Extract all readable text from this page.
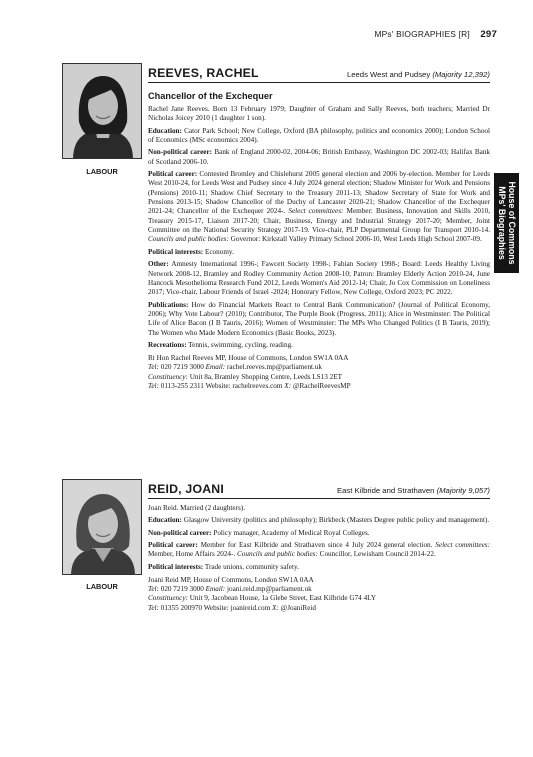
MPs' BIOGRAPHIES [R] 297
House of Commons
MPs' Biographies
LABOUR
REEVES, RACHEL	Leeds West and Pudsey (Majority 12,392)
Chancellor of the Exchequer

Rachel Jane Reeves. Born 13 February 1979; Daughter of Graham and Sally Reeves, both teachers; Married Dr Nicholas Joicey 2010 (1 daughter 1 son).

Education: Cator Park School; New College, Oxford (BA philosophy, politics and economics 2000); London School of Economics (MSc economics 2004).

Non-political career: Bank of England 2000-02, 2004-06; British Embassy, Washington DC 2002-03; Halifax Bank of Scotland 2006-10.

Political career: Contested Bromley and Chislehurst 2005 general election and 2006 by-election. Member for Leeds West 2010-24, for Leeds West and Pudsey since 4 July 2024 general election; Shadow Minister for Work and Pensions (Pensions) 2010-11; Shadow Chief Secretary to the Treasury 2011-13; Shadow Secretary of State for Work and Pensions 2013-15; Shadow Chancellor of the Duchy of Lancaster 2020-21; Shadow Chancellor of the Exchequer 2021-24; Chancellor of the Exchequer 2024-. Select committees: Member: Business, Innovation and Skills 2010, Treasury 2015-17, Liaison 2017-20; Chair, Business, Energy and Industrial Strategy 2017-20; Member, Joint Committee on the National Security Strategy 2017-19. Vice-chair, PLP Departmental Group for Transport 2010-14. Councils and public bodies: Governor: Kirkstall Valley Primary School 2006-10, West Leeds High School 2007-09.

Political interests: Economy.

Other: Amnesty International 1996-; Fawcett Society 1998-; Fabian Society 1998-; Board: Leeds Healthy Living Network 2008-12, Bramley and Rodley Community Action 2008-10; Patron: Bramley Elderly Action 2010-24, June Hancock Mesothelioma Research Fund 2012, Leeds Women's Aid 2012-14; Chair, Jo Cox Commission on Loneliness 2017; Vice-chair, Labour Friends of Israel -2024; Honorary Fellow, New College, Oxford 2023; PC 2022.

Publications: How do Financial Markets React to Central Bank Communication? (Journal of Political Economy, 2006); Why Vote Labour? (2010); Contributor, The Purple Book (Progress, 2011); Alice in Westminster: The Political Life of Alice Bacon (I B Tauris, 2016); Women of Westminster: The MPs Who Changed Politics (I B Tauris, 2019); The Women who Made Modern Economics (Basic Books, 2023).

Recreations: Tennis, swimming, cycling, reading.

Rt Hon Rachel Reeves MP, House of Commons, London SW1A 0AA
Tel: 020 7219 3000 Email: rachel.reeves.mp@parliament.uk
Constituency: Unit 8a, Bramley Shopping Centre, Leeds LS13 2ET
Tel: 0113-255 2311 Website: rachelreeves.com X: @RachelReevesMP
LABOUR
REID, JOANI	East Kilbride and Strathaven (Majority 9,057)

Joan Reid. Married (2 daughters).

Education: Glasgow University (politics and philosophy); Birkbeck (Masters Degree public policy and management).

Non-political career: Policy manager, Academy of Medical Royal Colleges.

Political career: Member for East Kilbride and Strathaven since 4 July 2024 general election. Select committees: Member, Home Affairs 2024-. Councils and public bodies: Councillor, Lewisham Council 2014-22.

Political interests: Trade unions, community safety.

Joani Reid MP, House of Commons, London SW1A 0AA
Tel: 020 7219 3000 Email: joani.reid.mp@parliament.uk
Constituency: Unit 9, Jacobean House, 1a Glebe Street, East Kilbride G74 4LY
Tel: 01355 200970 Website: joanireid.com X: @JoaniReid
